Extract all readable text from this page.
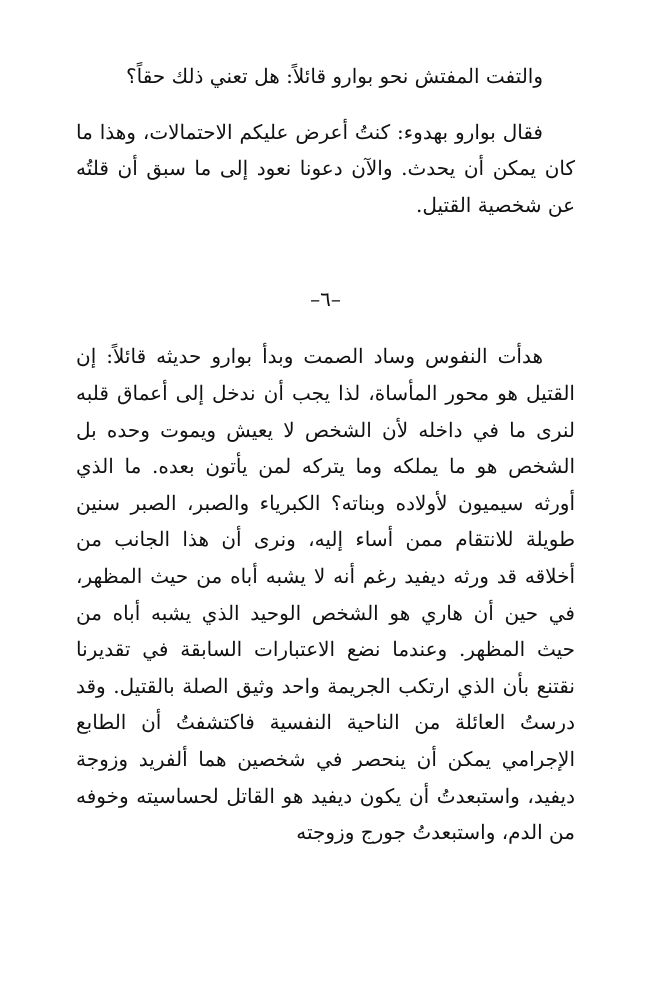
والتفت المفتش نحو بوارو قائلاً: هل تعني ذلك حقاً؟

فقال بوارو بهدوء: كنتُ أعرض عليكم الاحتمالات، وهذا ما كان يمكن أن يحدث. والآن دعونا نعود إلى ما سبق أن قلتُه عن شخصية القتيل.

–٦–

هدأت النفوس وساد الصمت وبدأ بوارو حديثه قائلاً: إن القتيل هو محور المأساة، لذا يجب أن ندخل إلى أعماق قلبه لنرى ما في داخله لأن الشخص لا يعيش ويموت وحده بل الشخص هو ما يملكه وما يتركه لمن يأتون بعده. ما الذي أورثه سيميون لأولاده وبناته؟ الكبرياء والصبر، الصبر سنين طويلة للانتقام ممن أساء إليه، ونرى أن هذا الجانب من أخلاقه قد ورثه ديفيد رغم أنه لا يشبه أباه من حيث المظهر، في حين أن هاري هو الشخص الوحيد الذي يشبه أباه من حيث المظهر. وعندما نضع الاعتبارات السابقة في تقديرنا نقتنع بأن الذي ارتكب الجريمة واحد وثيق الصلة بالقتيل. وقد درستُ العائلة من الناحية النفسية فاكتشفتُ أن الطابع الإجرامي يمكن أن ينحصر في شخصين هما ألفريد وزوجة ديفيد، واستبعدتُ أن يكون ديفيد هو القاتل لحساسيته وخوفه من الدم، واستبعدتُ جورج وزوجته
